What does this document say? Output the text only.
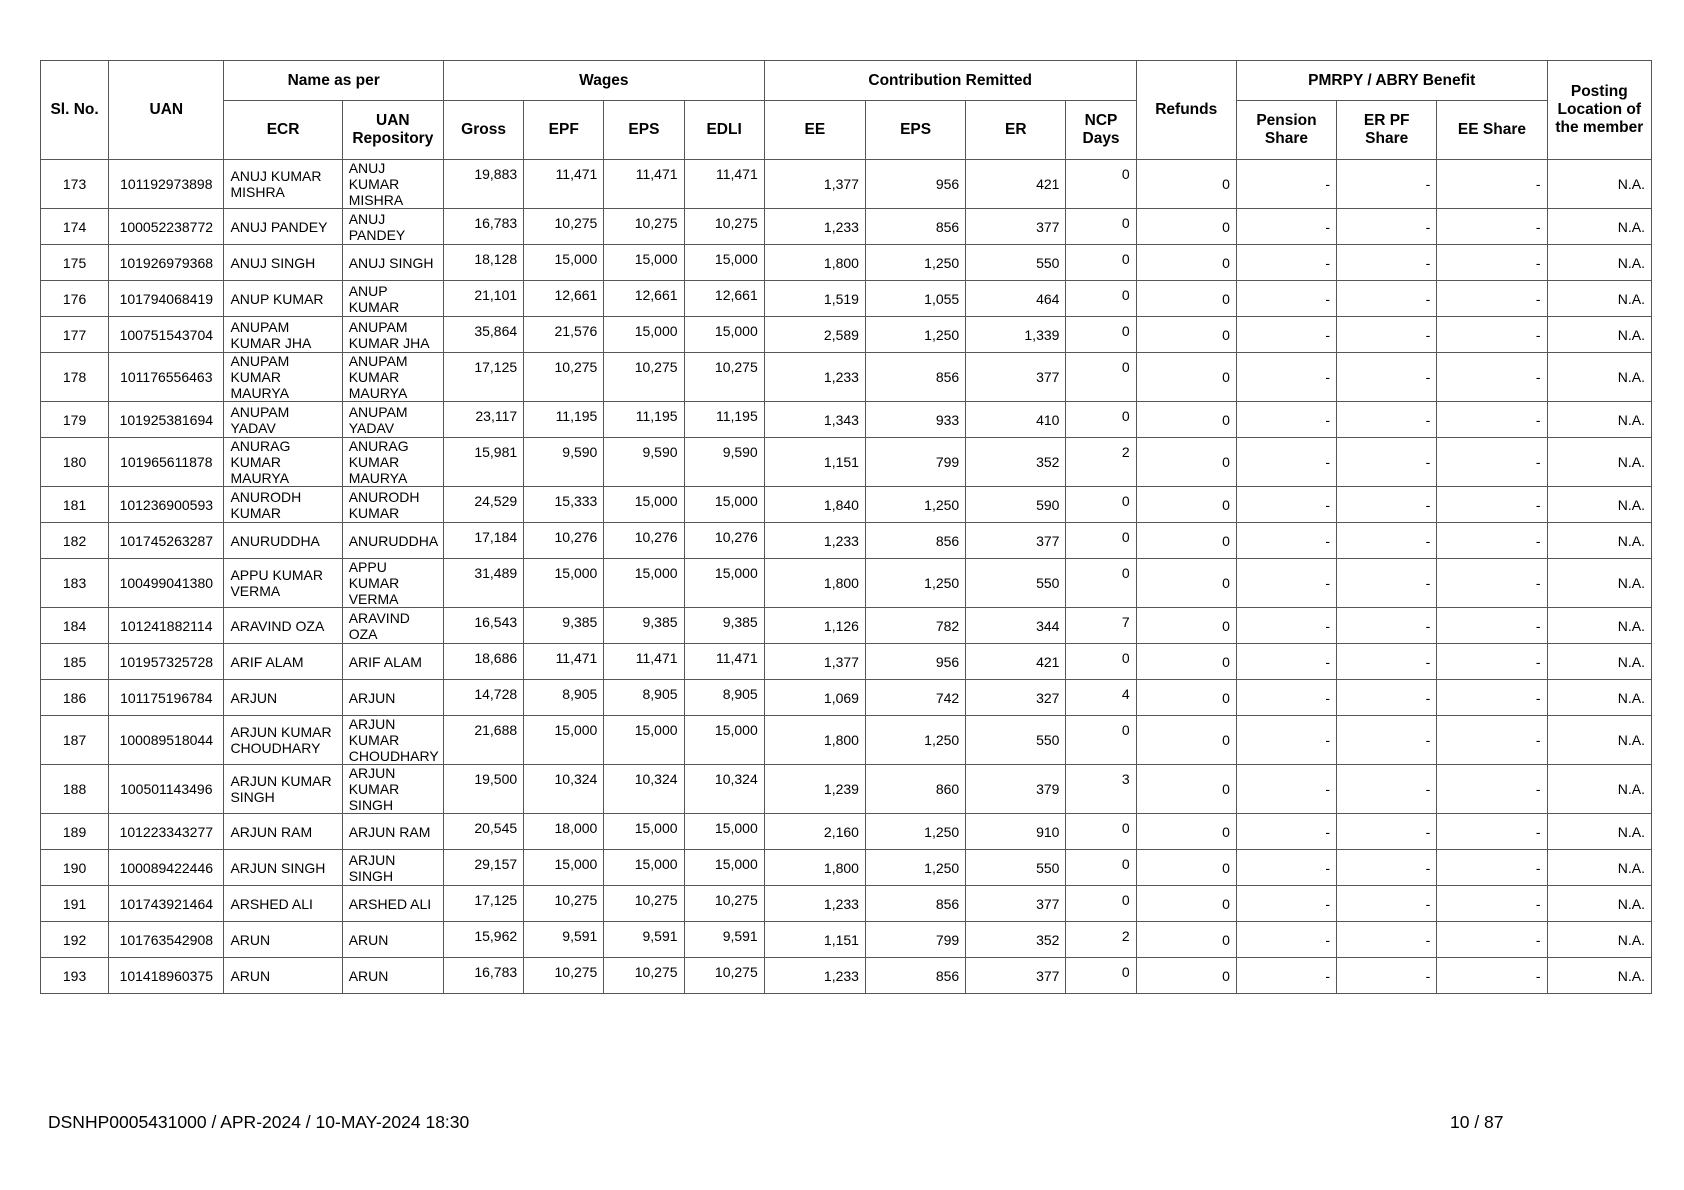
Sl. No.	UAN	Name as per		Wages				Contribution Remitted				Refunds	PMRPY / ABRY Benefit			Posting Location of the member
		ECR	UAN Repository	Gross	EPF	EPS	EDLI	EE	EPS	ER	NCP Days		Pension Share	ER PF Share	EE Share	
173	101192973898	ANUJ KUMAR MISHRA	ANUJ KUMAR MISHRA	19,883	11,471	11,471	11,471	1,377	956	421	0	0	-	-	-	N.A.
174	100052238772	ANUJ PANDEY	ANUJ PANDEY	16,783	10,275	10,275	10,275	1,233	856	377	0	0	-	-	-	N.A.
175	101926979368	ANUJ SINGH	ANUJ SINGH	18,128	15,000	15,000	15,000	1,800	1,250	550	0	0	-	-	-	N.A.
176	101794068419	ANUP KUMAR	ANUP KUMAR	21,101	12,661	12,661	12,661	1,519	1,055	464	0	0	-	-	-	N.A.
177	100751543704	ANUPAM KUMAR JHA	ANUPAM KUMAR JHA	35,864	21,576	15,000	15,000	2,589	1,250	1,339	0	0	-	-	-	N.A.
178	101176556463	ANUPAM KUMAR MAURYA	ANUPAM KUMAR MAURYA	17,125	10,275	10,275	10,275	1,233	856	377	0	0	-	-	-	N.A.
179	101925381694	ANUPAM YADAV	ANUPAM YADAV	23,117	11,195	11,195	11,195	1,343	933	410	0	0	-	-	-	N.A.
180	101965611878	ANURAG KUMAR MAURYA	ANURAG KUMAR MAURYA	15,981	9,590	9,590	9,590	1,151	799	352	2	0	-	-	-	N.A.
181	101236900593	ANURODH KUMAR	ANURODH KUMAR	24,529	15,333	15,000	15,000	1,840	1,250	590	0	0	-	-	-	N.A.
182	101745263287	ANURUDDHA	ANURUDDHA	17,184	10,276	10,276	10,276	1,233	856	377	0	0	-	-	-	N.A.
183	100499041380	APPU KUMAR VERMA	APPU KUMAR VERMA	31,489	15,000	15,000	15,000	1,800	1,250	550	0	0	-	-	-	N.A.
184	101241882114	ARAVIND OZA	ARAVIND OZA	16,543	9,385	9,385	9,385	1,126	782	344	7	0	-	-	-	N.A.
185	101957325728	ARIF ALAM	ARIF ALAM	18,686	11,471	11,471	11,471	1,377	956	421	0	0	-	-	-	N.A.
186	101175196784	ARJUN	ARJUN	14,728	8,905	8,905	8,905	1,069	742	327	4	0	-	-	-	N.A.
187	100089518044	ARJUN KUMAR CHOUDHARY	ARJUN KUMAR CHOUDHARY	21,688	15,000	15,000	15,000	1,800	1,250	550	0	0	-	-	-	N.A.
188	100501143496	ARJUN KUMAR SINGH	ARJUN KUMAR SINGH	19,500	10,324	10,324	10,324	1,239	860	379	3	0	-	-	-	N.A.
189	101223343277	ARJUN RAM	ARJUN RAM	20,545	18,000	15,000	15,000	2,160	1,250	910	0	0	-	-	-	N.A.
190	100089422446	ARJUN SINGH	ARJUN SINGH	29,157	15,000	15,000	15,000	1,800	1,250	550	0	0	-	-	-	N.A.
191	101743921464	ARSHED ALI	ARSHED ALI	17,125	10,275	10,275	10,275	1,233	856	377	0	0	-	-	-	N.A.
192	101763542908	ARUN	ARUN	15,962	9,591	9,591	9,591	1,151	799	352	2	0	-	-	-	N.A.
193	101418960375	ARUN	ARUN	16,783	10,275	10,275	10,275	1,233	856	377	0	0	-	-	-	N.A.
DSNHP0005431000 / APR-2024 / 10-MAY-2024 18:30	10 / 87
